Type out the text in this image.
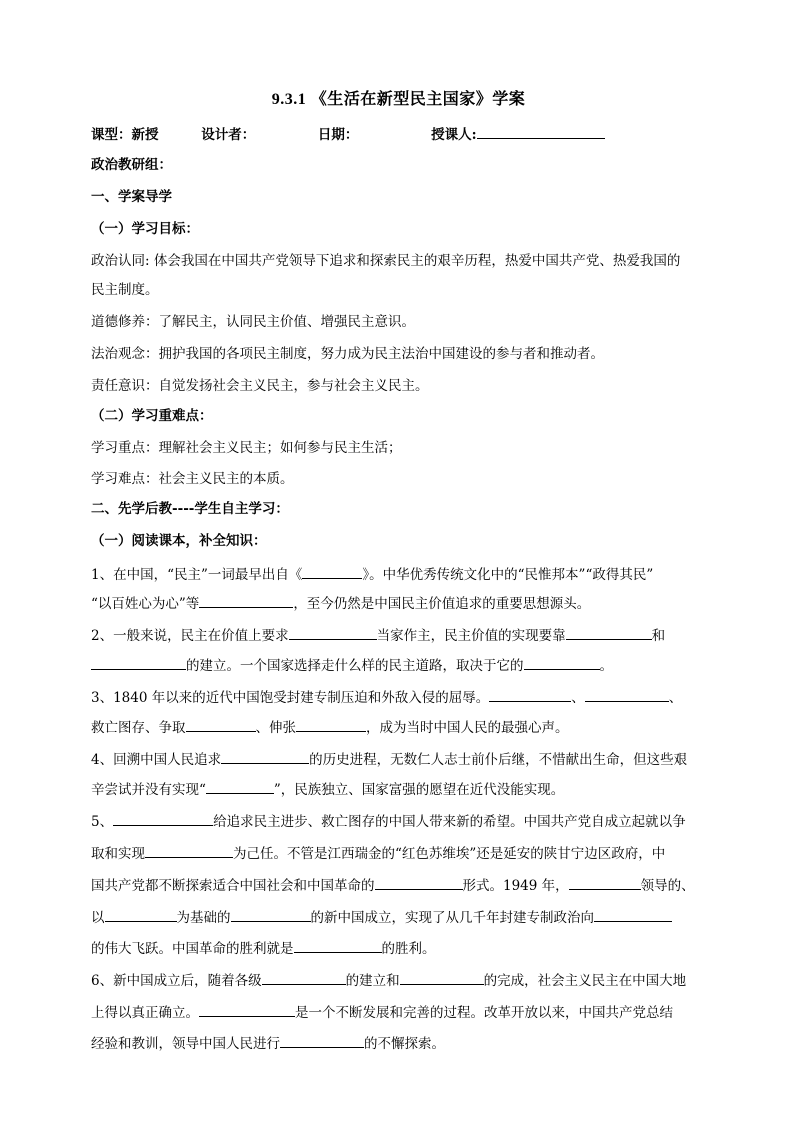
9.3.1 《生活在新型民主国家》学案
课型：新授	设计者：	日期：	授课人:
政治教研组：
一、学案导学
（一）学习目标：
政治认同: 体会我国在中国共产党领导下追求和探索民主的艰辛历程，热爱中国共产党、热爱我国的
民主制度。
道德修养：了解民主，认同民主价值、增强民主意识。
法治观念：拥护我国的各项民主制度，努力成为民主法治中国建设的参与者和推动者。
责任意识：自觉发扬社会主义民主，参与社会主义民主。
（二）学习重难点：
学习重点：理解社会主义民主；如何参与民主生活；
学习难点：社会主义民主的本质。
二、先学后教----学生自主学习：
（一）阅读课本，补全知识：
1、在中国，“民主”一词最早出自《	》。中华优秀传统文化中的“民惟邦本”“政得其民”
“以百姓心为心”等	，至今仍然是中国民主价值追求的重要思想源头。
2、一般来说，民主在价值上要求	当家作主，民主价值的实现要靠	和
的建立。一个国家选择走什么样的民主道路，取决于它的	。
3、1840 年以来的近代中国饱受封建专制压迫和外敌入侵的屈辱。	、	、
救亡图存、争取	、伸张	，成为当时中国人民的最强心声。
4、回溯中国人民追求	的历史进程，无数仁人志士前仆后继，不惜献出生命，但这些艰
辛尝试并没有实现“	”，民族独立、国家富强的愿望在近代没能实现。
5、	给追求民主进步、救亡图存的中国人带来新的希望。中国共产党自成立起就以争
取和实现	为己任。不管是江西瑞金的“红色苏维埃”还是延安的陕甘宁边区政府，中
国共产党都不断探索适合中国社会和中国革命的	形式。1949 年，	领导的、
以	为基础的	的新中国成立，实现了从几千年封建专制政治向
的伟大飞跃。中国革命的胜利就是	的胜利。
6、新中国成立后，随着各级	的建立和	的完成，社会主义民主在中国大地
上得以真正确立。	是一个不断发展和完善的过程。改革开放以来，中国共产党总结
经验和教训，领导中国人民进行	的不懈探索。
